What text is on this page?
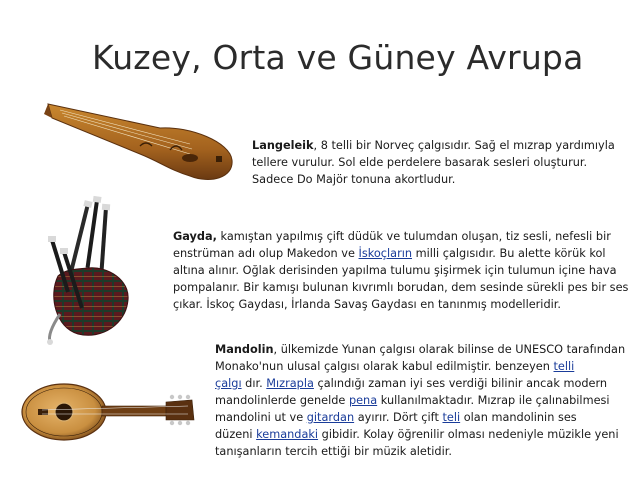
Kuzey, Orta ve Güney Avrupa
Langeleik, 8 telli bir Norveç çalgısıdır. Sağ el mızrap yardımıyla
tellere vurulur. Sol elde perdelere basarak sesleri oluşturur.
Sadece Do Majör tonuna akortludur.
Gayda, kamıştan yapılmış çift düdük ve tulumdan oluşan, tiz sesli, nefesli bir
enstrüman adı olup Makedon ve İskoçların milli çalgısıdır. Bu alette körük kol
altına alınır. Oğlak derisinden yapılma tulumu şişirmek için tulumun içine hava
pompalanır. Bir kamışı bulunan kıvrımlı borudan, dem sesinde sürekli pes bir ses
çıkar. İskoç Gaydası, İrlanda Savaş Gaydası en tanınmış modelleridir.
Mandolin, ülkemizde Yunan çalgısı olarak bilinse de UNESCO tarafından
Monako'nun ulusal çalgısı olarak kabul edilmiştir. benzeyen telli
çalgı dır. Mızrapla çalındığı zaman iyi ses verdiği bilinir ancak modern
mandolinlerde genelde pena kullanılmaktadır. Mızrap ile çalınabilmesi
mandolini ut ve gitardan ayırır. Dört çift teli olan mandolinin ses
düzeni kemandaki gibidir. Kolay öğrenilir olması nedeniyle müzikle yeni
tanışanların tercih ettiği bir müzik aletidir.
